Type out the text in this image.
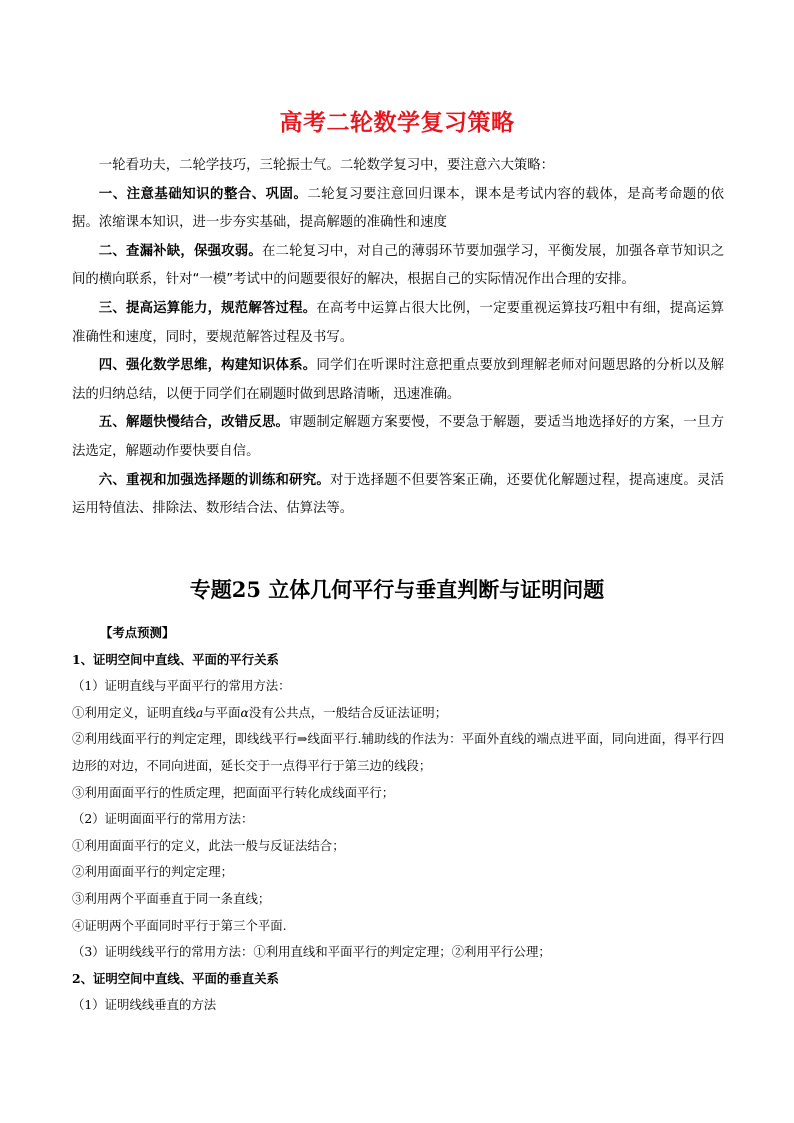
高考二轮数学复习策略

一轮看功夫，二轮学技巧，三轮振士气。二轮数学复习中，要注意六大策略：

一、注意基础知识的整合、巩固。二轮复习要注意回归课本，课本是考试内容的载体，是高考命题的依据。浓缩课本知识，进一步夯实基础，提高解题的准确性和速度

二、查漏补缺，保强攻弱。在二轮复习中，对自己的薄弱环节要加强学习，平衡发展，加强各章节知识之间的横向联系，针对“一模”考试中的问题要很好的解决，根据自己的实际情况作出合理的安排。

三、提高运算能力，规范解答过程。在高考中运算占很大比例，一定要重视运算技巧粗中有细，提高运算准确性和速度，同时，要规范解答过程及书写。

四、强化数学思维，构建知识体系。同学们在听课时注意把重点要放到理解老师对问题思路的分析以及解法的归纳总结，以便于同学们在刷题时做到思路清晰，迅速准确。

五、解题快慢结合，改错反思。审题制定解题方案要慢，不要急于解题，要适当地选择好的方案，一旦方法选定，解题动作要快要自信。

六、重视和加强选择题的训练和研究。对于选择题不但要答案正确，还要优化解题过程，提高速度。灵活运用特值法、排除法、数形结合法、估算法等。

专题25 立体几何平行与垂直判断与证明问题

【考点预测】

1、证明空间中直线、平面的平行关系

（1）证明直线与平面平行的常用方法：

①利用定义，证明直线a与平面α没有公共点，一般结合反证法证明；

②利用线面平行的判定定理，即线线平行⇒线面平行.辅助线的作法为：平面外直线的端点进平面，同向进面，得平行四边形的对边，不同向进面，延长交于一点得平行于第三边的线段；

③利用面面平行的性质定理，把面面平行转化成线面平行；

（2）证明面面平行的常用方法：

①利用面面平行的定义，此法一般与反证法结合；

②利用面面平行的判定定理；

③利用两个平面垂直于同一条直线；

④证明两个平面同时平行于第三个平面.

（3）证明线线平行的常用方法：①利用直线和平面平行的判定定理；②利用平行公理；

2、证明空间中直线、平面的垂直关系

（1）证明线线垂直的方法
